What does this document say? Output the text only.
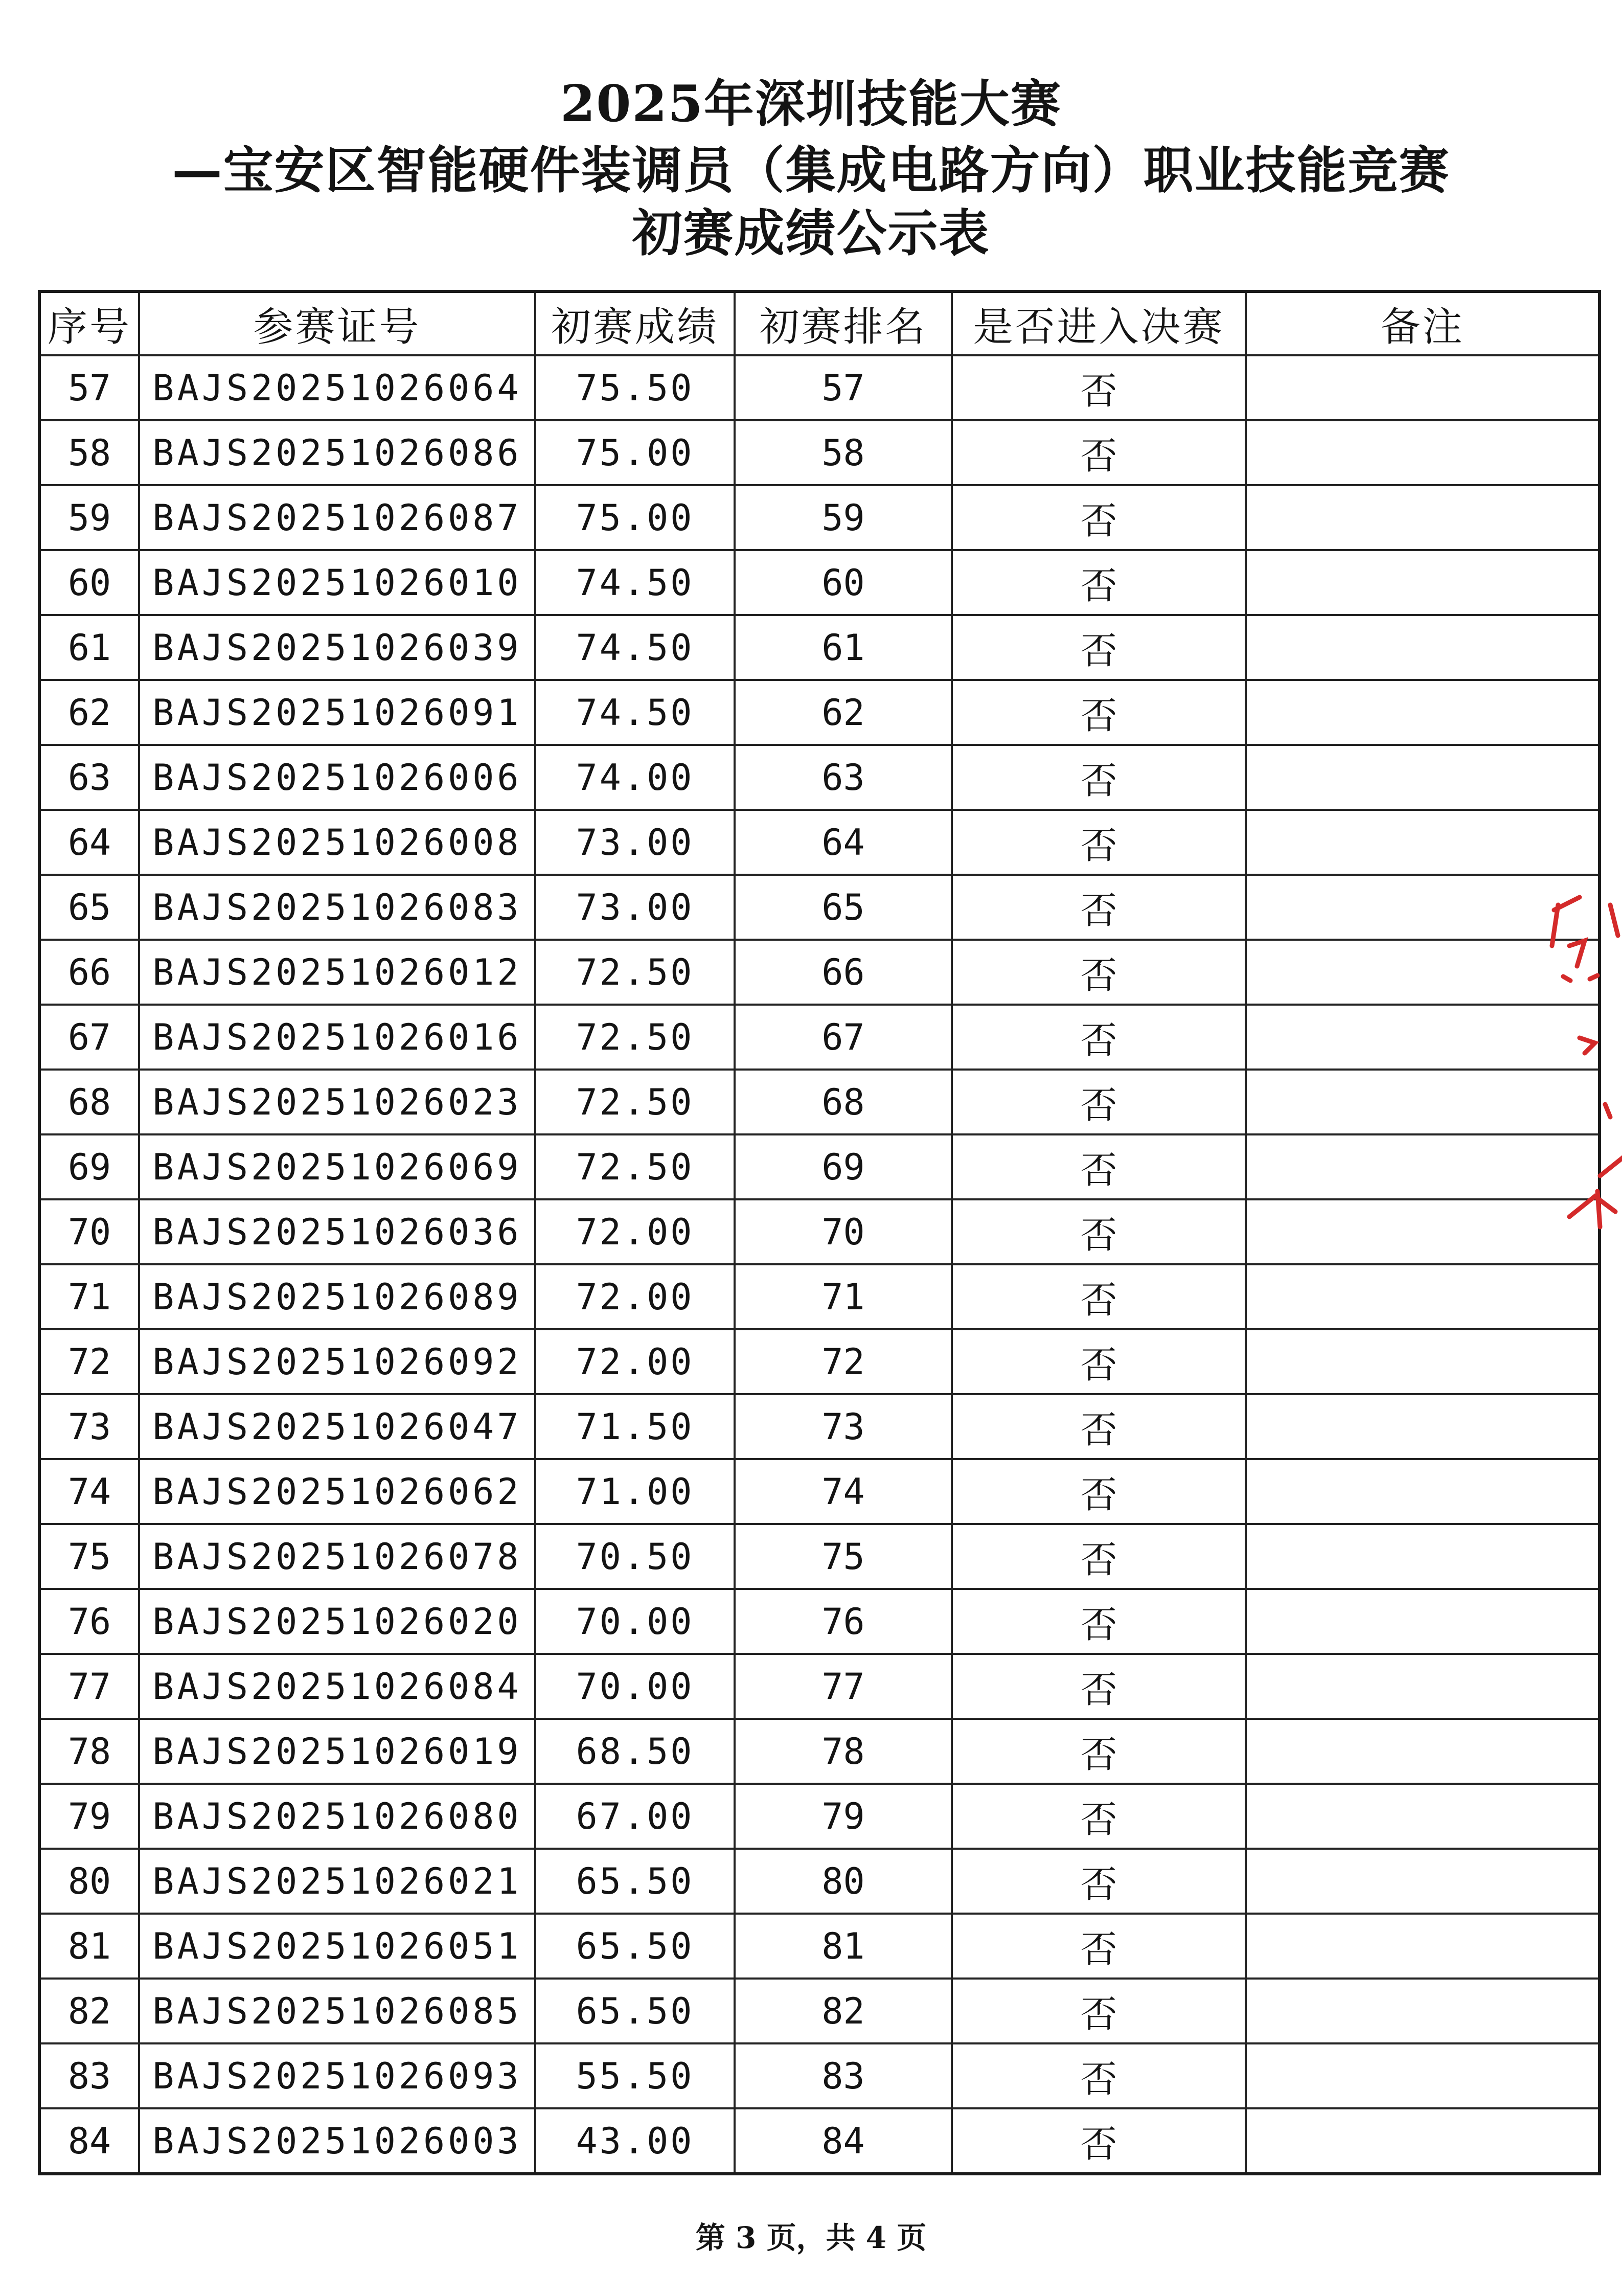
2025年深圳技能大赛
—宝安区智能硬件装调员（集成电路方向）职业技能竞赛
初赛成绩公示表
序号	参赛证号	初赛成绩	初赛排名	是否进入决赛	备注
57	BAJS20251026064	75.50	57	否	
58	BAJS20251026086	75.00	58	否	
59	BAJS20251026087	75.00	59	否	
60	BAJS20251026010	74.50	60	否	
61	BAJS20251026039	74.50	61	否	
62	BAJS20251026091	74.50	62	否	
63	BAJS20251026006	74.00	63	否	
64	BAJS20251026008	73.00	64	否	
65	BAJS20251026083	73.00	65	否	
66	BAJS20251026012	72.50	66	否	
67	BAJS20251026016	72.50	67	否	
68	BAJS20251026023	72.50	68	否	
69	BAJS20251026069	72.50	69	否	
70	BAJS20251026036	72.00	70	否	
71	BAJS20251026089	72.00	71	否	
72	BAJS20251026092	72.00	72	否	
73	BAJS20251026047	71.50	73	否	
74	BAJS20251026062	71.00	74	否	
75	BAJS20251026078	70.50	75	否	
76	BAJS20251026020	70.00	76	否	
77	BAJS20251026084	70.00	77	否	
78	BAJS20251026019	68.50	78	否	
79	BAJS20251026080	67.00	79	否	
80	BAJS20251026021	65.50	80	否	
81	BAJS20251026051	65.50	81	否	
82	BAJS20251026085	65.50	82	否	
83	BAJS20251026093	55.50	83	否	
84	BAJS20251026003	43.00	84	否	
第 3 页，共 4 页
